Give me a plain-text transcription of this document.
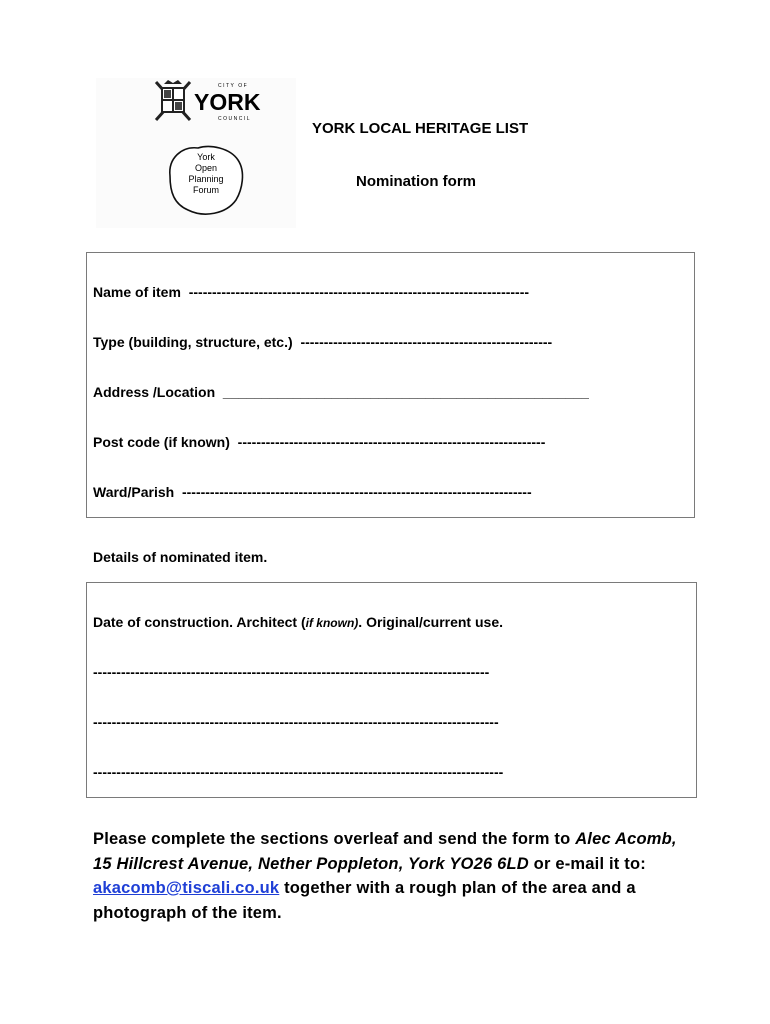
CITY OF
YORK
COUNCIL
York
Open
Planning
Forum
YORK LOCAL HERITAGE LIST
Nomination form
Name of item -------------------------------------------------------------------------
Type (building, structure, etc.) ------------------------------------------------------
Address /Location _______________________________________________
Post code (if known) ------------------------------------------------------------------
Ward/Parish ---------------------------------------------------------------------------
Details of nominated item.
Date of construction. Architect (if known). Original/current use.
-------------------------------------------------------------------------------------
---------------------------------------------------------------------------------------
----------------------------------------------------------------------------------------
Please complete the sections overleaf and send the form to Alec Acomb, 15 Hillcrest Avenue, Nether Poppleton, York YO26 6LD or e-mail it to: akacomb@tiscali.co.uk together with a rough plan of the area and a photograph of the item.
